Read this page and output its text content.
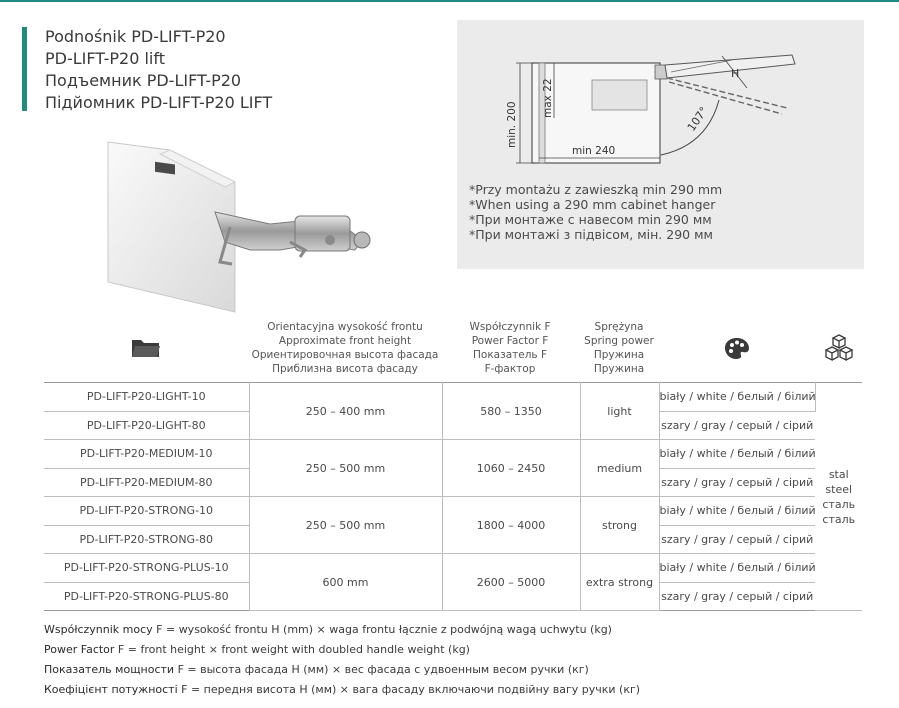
Podnośnik PD-LIFT-P20
PD-LIFT-P20 lift
Подъемник PD-LIFT-P20
Підйомник PD-LIFT-P20 LIFT	min. 200
max 22
min 240
H
107°
*Przy montażu z zawieszką min 290 mm
*When using a 290 mm cabinet hanger
*При монтаже с навесом min 290 мм
*При монтажі з підвісом, мін. 290 мм
Orientacyjna wysokość frontu
Approximate front height
Ориентировочная высота фасада
Приблизна висота фасаду
Współczynnik F
Power Factor F
Показатель F
F-фактор
Sprężyna
Spring power
Пружина
Пружина
PD-LIFT-P20-LIGHT-10	250 – 400 mm	580 – 1350	light	biały / white / белый / білий	stal
steel
сталь
сталь

PD-LIFT-P20-LIGHT-80				szary / gray / серый / сірий	
PD-LIFT-P20-MEDIUM-10	250 – 500 mm	1060 – 2450	medium	biały / white / белый / білий	
PD-LIFT-P20-MEDIUM-80				szary / gray / серый / сірий	
PD-LIFT-P20-STRONG-10	250 – 500 mm	1800 – 4000	strong	biały / white / белый / білий	
PD-LIFT-P20-STRONG-80				szary / gray / серый / сірий	
PD-LIFT-P20-STRONG-PLUS-10	600 mm	2600 – 5000	extra strong	biały / white / белый / білий	
PD-LIFT-P20-STRONG-PLUS-80				szary / gray / серый / сірий	
Współczynnik mocy F = wysokość frontu H (mm) × waga frontu łącznie z podwójną wagą uchwytu (kg)
Power Factor F = front height × front weight with doubled handle weight (kg)
Показатель мощности F = высота фасада H (мм) × вес фасада с удвоенным весом ручки (кг)
Коефіцієнт потужності F = передня висота H (мм) × вага фасаду включаючи подвійну вагу ручки (кг)
